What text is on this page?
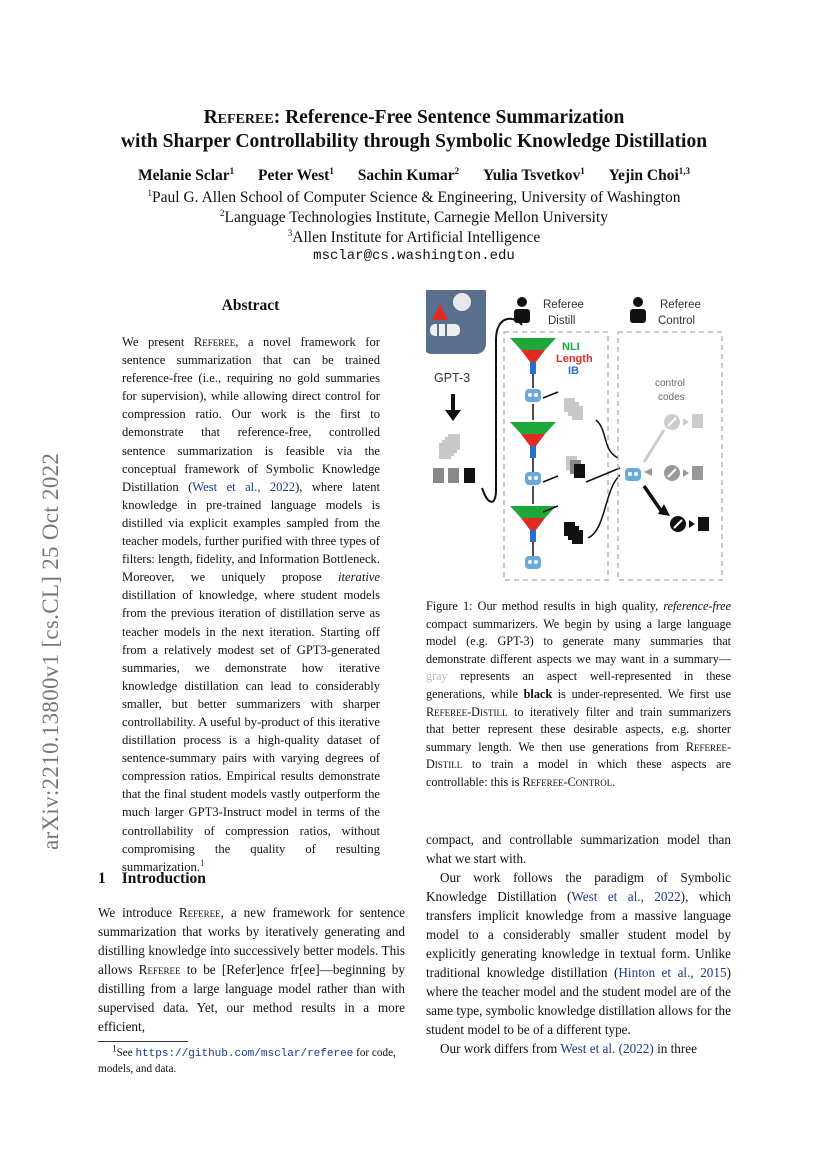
arXiv:2210.13800v1 [cs.CL] 25 Oct 2022
Referee: Reference-Free Sentence Summarization
with Sharper Controllability through Symbolic Knowledge Distillation
Melanie Sclar$^1$ Peter West$^1$ Sachin Kumar$^2$ Yulia Tsvetkov$^1$ Yejin Choi$^{1,3}$
$^1$Paul G. Allen School of Computer Science & Engineering, University of Washington
$^2$Language Technologies Institute, Carnegie Mellon University
$^3$Allen Institute for Artificial Intelligence
msclar@cs.washington.edu
Abstract

We present Referee, a novel framework for sentence summarization that can be trained reference-free (i.e., requiring no gold summaries for supervision), while allowing direct control for compression ratio. Our work is the first to demonstrate that reference-free, controlled sentence summarization is feasible via the conceptual framework of Symbolic Knowledge Distillation (West et al., 2022), where latent knowledge in pre-trained language models is distilled via explicit examples sampled from the teacher models, further purified with three types of filters: length, fidelity, and Information Bottleneck. Moreover, we uniquely propose iterative distillation of knowledge, where student models from the previous iteration of distillation serve as teacher models in the next iteration. Starting off from a relatively modest set of GPT3-generated summaries, we demonstrate how iterative knowledge distillation can lead to considerably smaller, but better summarizers with sharper controllability. A useful by-product of this iterative distillation process is a high-quality dataset of sentence-summary pairs with varying degrees of compression ratios. Empirical results demonstrate that the final student models vastly outperform the much larger GPT3-Instruct model in terms of the controllability of compression ratios, without compromising the quality of resulting summarization.$^1$

1 Introduction

We introduce Referee, a new framework for sentence summarization that works by iteratively generating and distilling knowledge into successively better models. This allows Referee to be [Refer]ence fr[ee]—beginning by distilling from a large language model rather than with supervised data. Yet, our method results in a more efficient,

$^1$See https://github.com/msclar/referee for code, models, and data.
GPT-3
Referee
Distill
NLI
Length
IB
Referee
Control
control
codes
Figure 1: Our method results in high quality, reference-free compact summarizers. We begin by using a large language model (e.g. GPT-3) to generate many summaries that demonstrate different aspects we may want in a summary—gray represents an aspect well-represented in these generations, while black is under-represented. We first use Referee-Distill to iteratively filter and train summarizers that better represent these desirable aspects, e.g. shorter summary length. We then use generations from Referee-Distill to train a model in which these aspects are controllable: this is Referee-Control.

compact, and controllable summarization model than what we start with.

Our work follows the paradigm of Symbolic Knowledge Distillation (West et al., 2022), which transfers implicit knowledge from a massive language model to a considerably smaller student model by explicitly generating knowledge in textual form. Unlike traditional knowledge distillation (Hinton et al., 2015) where the teacher model and the student model are of the same type, symbolic knowledge distillation allows for the student model to be of a different type.

Our work differs from West et al. (2022) in three
